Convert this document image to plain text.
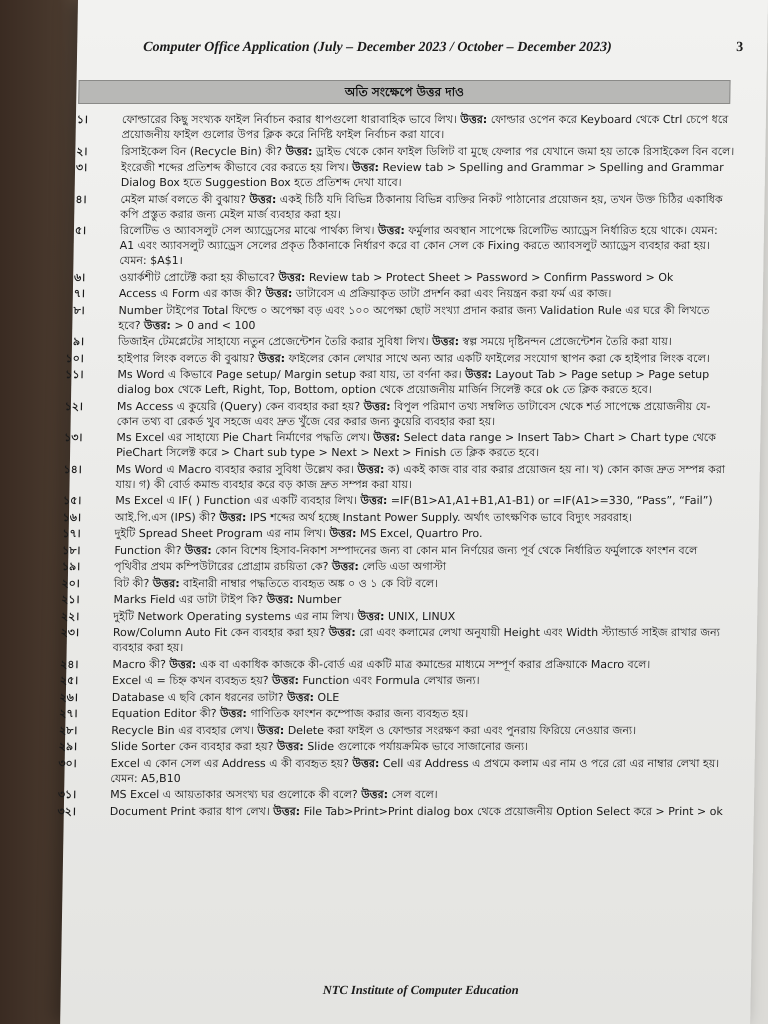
Computer Office Application (July – December 2023 / October – December 2023)	3
অতি সংক্ষেপে উত্তর দাও
১।	ফোল্ডারের কিছু সংখ্যক ফাইল নির্বাচন করার ধাপগুলো ধারাবাহিক ভাবে লিখ। উত্তর: ফোল্ডার ওপেন করে Keyboard থেকে Ctrl চেপে ধরে প্রয়োজনীয় ফাইল গুলোর উপর ক্লিক করে নির্দিষ্ট ফাইল নির্বাচন করা যাবে।
২।	রিসাইকেল বিন (Recycle Bin) কী? উত্তর: ড্রাইভ থেকে কোন ফাইল ডিলিট বা মুছে ফেলার পর যেখানে জমা হয় তাকে রিসাইকেল বিন বলে।
৩।	ইংরেজী শব্দের প্রতিশব্দ কীভাবে বের করতে হয় লিখ। উত্তর: Review tab > Spelling and Grammar > Spelling and Grammar Dialog Box হতে Suggestion Box হতে প্রতিশব্দ দেখা যাবে।
৪।	মেইল মার্জ বলতে কী বুঝায়? উত্তর: একই চিঠি যদি বিভিন্ন ঠিকানায় বিভিন্ন ব্যক্তির নিকট পাঠানোর প্রয়োজন হয়, তখন উক্ত চিঠির একাধিক কপি প্রস্তুত করার জন্য মেইল মার্জ ব্যবহার করা হয়।
৫।	রিলেটিভ ও অ্যাবসলুট সেল অ্যাড্রেসের মাঝে পার্থক্য লিখ। উত্তর: ফর্মুলার অবস্থান সাপেক্ষে রিলেটিভ অ্যাড্রেস নির্ধারিত হয়ে থাকে। যেমন: A1 এবং অ্যাবসলুট অ্যাড্রেস সেলের প্রকৃত ঠিকানাকে নির্ধারণ করে বা কোন সেল কে Fixing করতে অ্যাবসলুট অ্যাড্রেস ব্যবহার করা হয়। যেমন: $A$1।
৬।	ওয়ার্কশীট প্রোটেক্ট করা হয় কীভাবে? উত্তর: Review tab > Protect Sheet > Password > Confirm Password > Ok
৭।	Access এ Form এর কাজ কী? উত্তর: ডাটাবেস এ প্রক্রিয়াকৃত ডাটা প্রদর্শন করা এবং নিয়ন্ত্রন করা ফর্ম এর কাজ।
৮।	Number টাইপের Total ফিল্ডে ০ অপেক্ষা বড় এবং ১০০ অপেক্ষা ছোট সংখ্যা প্রদান করার জন্য Validation Rule এর ঘরে কী লিখতে হবে? উত্তর: > 0 and < 100
৯।	ডিজাইন টেমপ্লেটের সাহায্যে নতুন প্রেজেন্টেশন তৈরি করার সুবিধা লিখ। উত্তর: স্বল্প সময়ে দৃষ্টিনন্দন প্রেজেন্টেশন তৈরি করা যায়।
১০।	হাইপার লিংক বলতে কী বুঝায়? উত্তর: ফাইলের কোন লেখার সাথে অন্য আর একটি ফাইলের সংযোগ স্থাপন করা কে হাইপার লিংক বলে।
১১।	Ms Word এ কিভাবে Page setup/ Margin setup করা যায়, তা বর্ণনা কর। উত্তর: Layout Tab > Page setup > Page setup dialog box থেকে Left, Right, Top, Bottom, option থেকে প্রয়োজনীয় মার্জিন সিলেক্ট করে ok তে ক্লিক করতে হবে।
১২।	Ms Access এ কুয়েরি (Query) কেন ব্যবহার করা হয়? উত্তর: বিপুল পরিমাণ তথ্য সম্বলিত ডাটাবেস থেকে শর্ত সাপেক্ষে প্রয়োজনীয় যে-কোন তথ্য বা রেকর্ড খুব সহজে এবং দ্রুত খুঁজে বের করার জন্য কুয়েরি ব্যবহার করা হয়।
১৩।	Ms Excel এর সাহায্যে Pie Chart নির্মাণের পদ্ধতি লেখ। উত্তর: Select data range > Insert Tab> Chart > Chart type থেকে PieChart সিলেক্ট করে > Chart sub type > Next > Next > Finish তে ক্লিক করতে হবে।
১৪।	Ms Word এ Macro ব্যবহার করার সুবিধা উল্লেখ কর। উত্তর: ক) একই কাজ বার বার করার প্রয়োজন হয় না। খ) কোন কাজ দ্রুত সম্পন্ন করা যায়। গ) কী বোর্ড কমান্ড ব্যবহার করে বড় কাজ দ্রুত সম্পন্ন করা যায়।
১৫।	Ms Excel এ IF( ) Function এর একটি ব্যবহার লিখ। উত্তর: =IF(B1>A1,A1+B1,A1-B1) or =IF(A1>=330, “Pass”, “Fail”)
১৬।	আই.পি.এস (IPS) কী? উত্তর: IPS শব্দের অর্থ হচ্ছে Instant Power Supply. অর্থাৎ তাৎক্ষণিক ভাবে বিদ্যুৎ সরবরাহ।
১৭।	দুইটি Spread Sheet Program এর নাম লিখ। উত্তর: MS Excel, Quartro Pro.
১৮।	Function কী? উত্তর: কোন বিশেষ হিসাব-নিকাশ সম্পাদনের জন্য বা কোন মান নির্ণয়ের জন্য পূর্ব থেকে নির্ধারিত ফর্মুলাকে ফাংশন বলে
১৯।	পৃথিবীর প্রথম কম্পিউটারের প্রোগ্রাম রচয়িতা কে? উত্তর: লেডি এডা অগাস্টা
২০।	বিট কী? উত্তর: বাইনারী নাম্বার পদ্ধতিতে ব্যবহৃত অঙ্ক ০ ও ১ কে বিট বলে।
২১।	Marks Field এর ডাটা টাইপ কি? উত্তর: Number
২২।	দুইটি Network Operating systems এর নাম লিখ। উত্তর: UNIX, LINUX
২৩।	Row/Column Auto Fit কেন ব্যবহার করা হয়? উত্তর: রো এবং কলামের লেখা অনুযায়ী Height এবং Width স্ট্যান্ডার্ড সাইজ রাখার জন্য ব্যবহার করা হয়।
২৪।	Macro কী? উত্তর: এক বা একাধিক কাজকে কী-বোর্ড এর একটি মাত্র কমান্ডের মাধ্যমে সম্পূর্ণ করার প্রক্রিয়াকে Macro বলে।
২৫।	Excel এ = চিহ্ন কখন ব্যবহৃত হয়? উত্তর: Function এবং Formula লেখার জন্য।
২৬।	Database এ ছবি কোন ধরনের ডাটা? উত্তর: OLE
২৭।	Equation Editor কী? উত্তর: গাণিতিক ফাংশন কম্পোজ করার জন্য ব্যবহৃত হয়।
২৮।	Recycle Bin এর ব্যবহার লেখ। উত্তর: Delete করা ফাইল ও ফোল্ডার সংরক্ষণ করা এবং পুনরায় ফিরিয়ে নেওয়ার জন্য।
২৯।	Slide Sorter কেন ব্যবহার করা হয়? উত্তর: Slide গুলোকে পর্যায়ক্রমিক ভাবে সাজানোর জন্য।
৩০।	Excel এ কোন সেল এর Address এ কী ব্যবহৃত হয়? উত্তর: Cell এর Address এ প্রথমে কলাম এর নাম ও পরে রো এর নাম্বার লেখা হয়। যেমন: A5,B10
৩১।	MS Excel এ আয়তাকার অসংখ্য ঘর গুলোকে কী বলে? উত্তর: সেল বলে।
৩২।	Document Print করার ধাপ লেখ। উত্তর: File Tab>Print>Print dialog box থেকে প্রয়োজনীয় Option Select করে > Print > ok
NTC Institute of Computer Education
